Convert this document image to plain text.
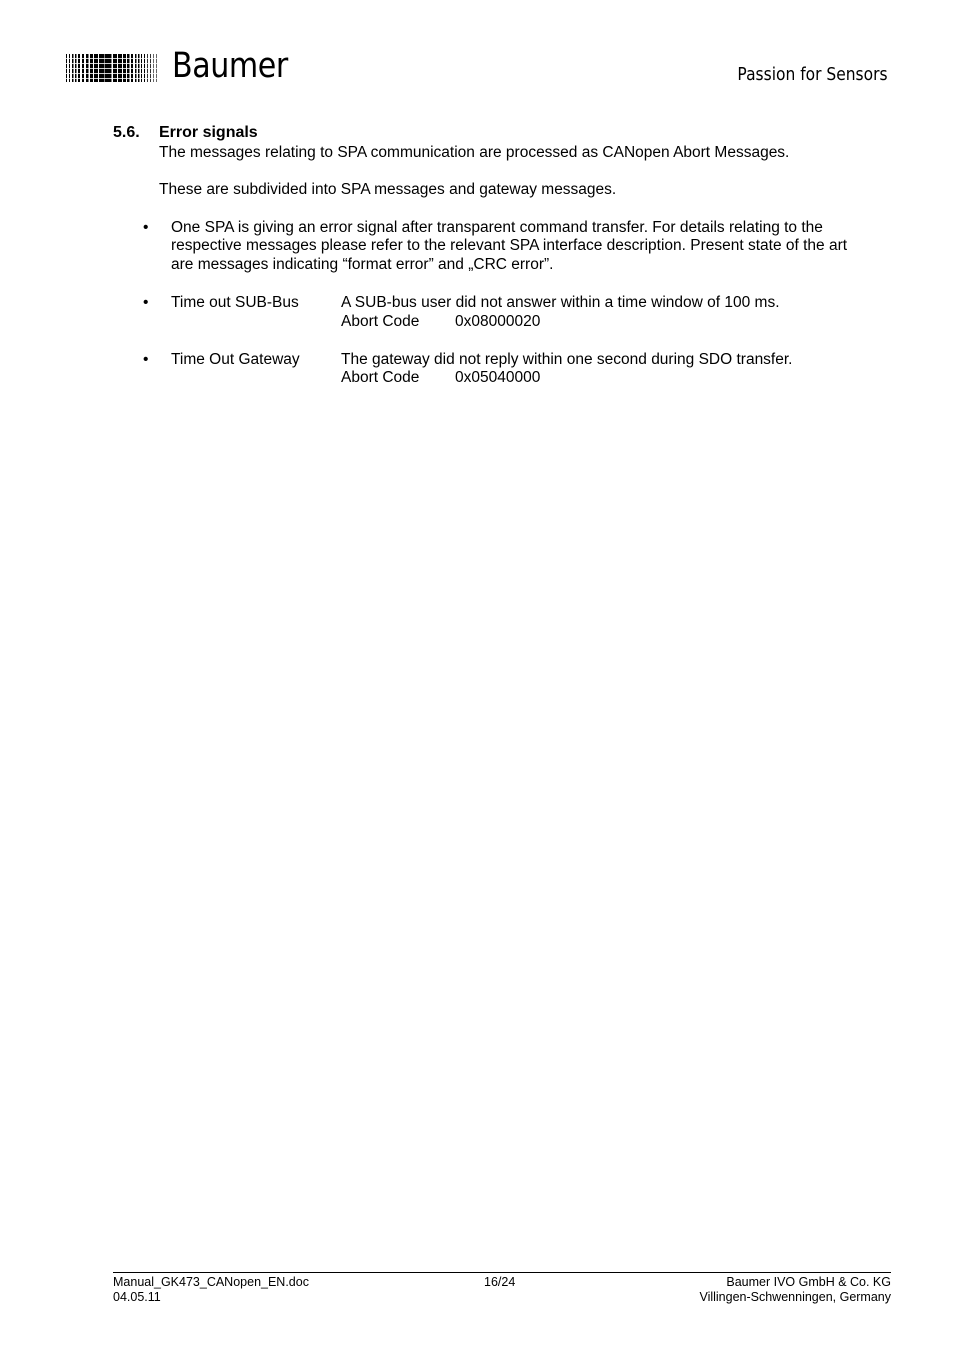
Baumer	Passion for Sensors
5.6. Error signals
The messages relating to SPA communication are processed as CANopen Abort Messages.
These are subdivided into SPA messages and gateway messages.
• One SPA is giving an error signal after transparent command transfer. For details relating to the
respective messages please refer to the relevant SPA interface description. Present state of the art
are messages indicating “format error” and „CRC error”.
• Time out SUB-Bus	A SUB-bus user did not answer within a time window of 100 ms.
Abort Code 0x08000020
• Time Out Gateway	The gateway did not reply within one second during SDO transfer.
Abort Code 0x05040000
Manual_GK473_CANopen_EN.doc
04.05.11
16/24	Baumer IVO GmbH & Co. KG
Villingen-Schwenningen, Germany
